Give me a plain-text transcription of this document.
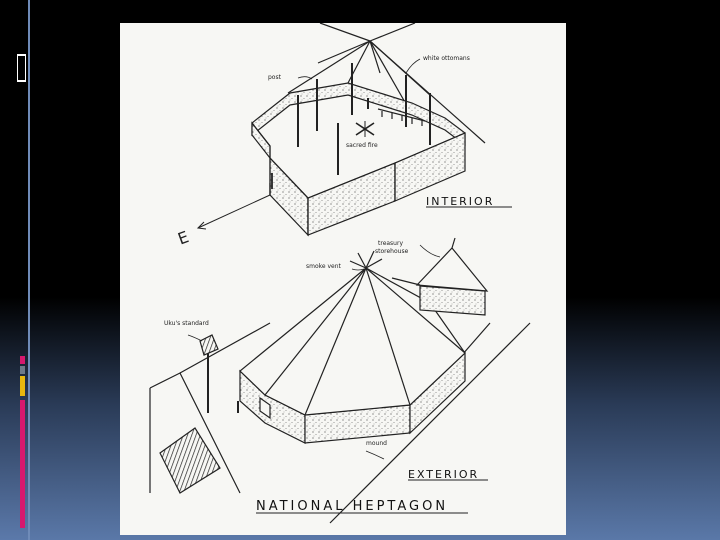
white ottomans
post
sacred fire
E
INTERIOR
treasury
storehouse
smoke vent
Uku's standard
mound
EXTERIOR
NATIONAL HEPTAGON
